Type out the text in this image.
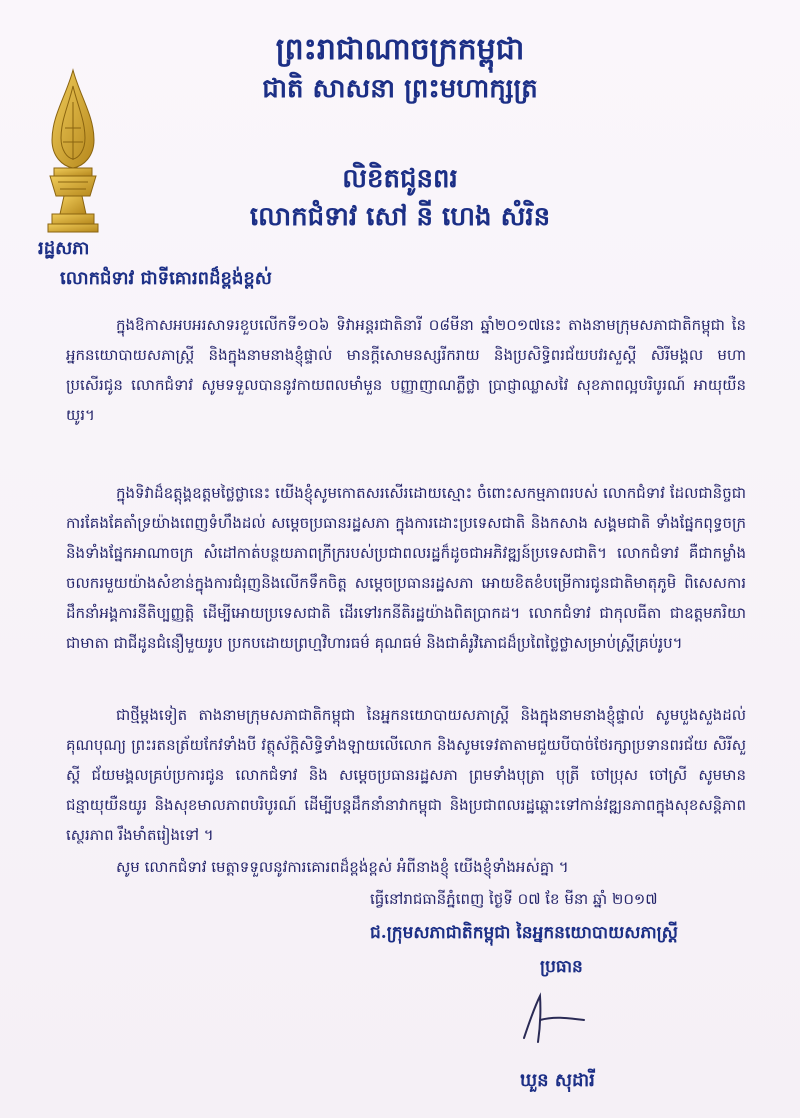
ព្រះរាជាណាចក្រកម្ពុជា
ជាតិ សាសនា ព្រះមហាក្សត្រ
រដ្ឋសភា
លិខិតជូនពរ
លោកជំទាវ សៅ នី ហេង សំរិន
លោកជំទាវ ជាទីគោរពដ៏ខ្ពង់ខ្ពស់
ក្នុងឱកាសអបអរសាទរខួបលើកទី១០៦ ទិវាអន្តរជាតិនារី ០៨មីនា ឆ្នាំ២០១៧នេះ តាងនាមក្រុមសភាជាតិកម្ពុជា នៃអ្នកនយោបាយសភាស្ត្រី និងក្នុងនាមនាងខ្ញុំផ្ទាល់ មានក្តីសោមនស្សរីករាយ និងប្រសិទ្ធិពរជ័យបវរសួស្តី សិរីមង្គល មហាប្រសើរជូន លោកជំទាវ សូមទទួលបាននូវកាយពលមាំមួន បញ្ញាញាណភ្លឺថ្លា ប្រាជ្ញាឈ្លាសវៃ សុខភាពល្អបរិបូរណ៍ អាយុយឺនយូរ។
ក្នុងទិវាដ៏ឧត្តុង្គឧត្តមថ្លៃថ្លានេះ យើងខ្ញុំសូមកោតសរសើរដោយស្មោះ ចំពោះសកម្មភាពរបស់ លោកជំទាវ ដែលជានិច្ចជាការគែងគែតាំទ្រយ៉ាងពេញទំហឹងដល់ សម្តេចប្រធានរដ្ឋសភា ក្នុងការដោះប្រទេសជាតិ និងកសាង សង្គមជាតិ ទាំងផ្នែកពុទ្ធចក្រ និងទាំងផ្នែកអាណាចក្រ សំដៅកាត់បន្ថយភាពក្រីក្ររបស់ប្រជាពលរដ្ឋក៏ដូចជាអភិវឌ្ឍន៍ប្រទេសជាតិ។ លោកជំទាវ គឺជាកម្លាំងចលករមួយយ៉ាងសំខាន់ក្នុងការជំរុញនិងលើកទឹកចិត្ត សម្តេចប្រធានរដ្ឋសភា អោយខិតខំបម្រើការជូនជាតិមាតុភូមិ ពិសេសការដឹកនាំអង្គការនីតិប្បញ្ញត្តិ ដើម្បីអោយប្រទេសជាតិ ដើរទៅរកនីតិរដ្ឋយ៉ាងពិតប្រាកដ។ លោកជំទាវ ជាកុលធីតា ជាឧត្តមភរិយា ជាមាតា ជាជីដូនជំនឿមួយរូប ប្រកបដោយព្រហ្មវិហារធម៌ គុណធម៌ និងជាគំរូវិភោជដ៏ប្រពៃថ្លៃថ្លាសម្រាប់ស្ត្រីគ្រប់រូប។
ជាថ្មីម្តងទៀត តាងនាមក្រុមសភាជាតិកម្ពុជា នៃអ្នកនយោបាយសភាស្ត្រី និងក្នុងនាមនាងខ្ញុំផ្ទាល់ សូមបួងសួងដល់គុណបុណ្យ ព្រះរតនត្រ័យកែវទាំងបី វត្ថុស័ក្តិសិទ្ធិទាំងឡាយលើលោក និងសូមទេវតាតាមជួយបីបាច់ថែរក្សាប្រទានពរជ័យ សិរីសួស្តី ជ័យមង្គលគ្រប់ប្រការជូន លោកជំទាវ និង សម្តេចប្រធានរដ្ឋសភា ព្រមទាំងបុត្រា បុត្រី ចៅប្រុស ចៅស្រី សូមមានជន្មាយុយឺនយូរ និងសុខមាលភាពបរិបូរណ៍ ដើម្បីបន្តដឹកនាំនាវាកម្ពុជា និងប្រជាពលរដ្ឋឆ្ពោះទៅកាន់វឌ្ឍនភាពក្នុងសុខសន្តិភាព ស្ថេរភាព រឹងមាំតរៀងទៅ ។
សូម លោកជំទាវ មេត្តាទទួលនូវការគោរពដ៏ខ្ពង់ខ្ពស់ អំពីនាងខ្ញុំ យើងខ្ញុំទាំងអស់គ្នា ។
ធ្វើនៅរាជធានីភ្នំពេញ ថ្ងៃទី ០៧ ខែ មីនា ឆ្នាំ ២០១៧
ជ.ក្រុមសភាជាតិកម្ពុជា នៃអ្នកនយោបាយសភាស្ត្រី
ប្រធាន
ឃួន សុដារី
